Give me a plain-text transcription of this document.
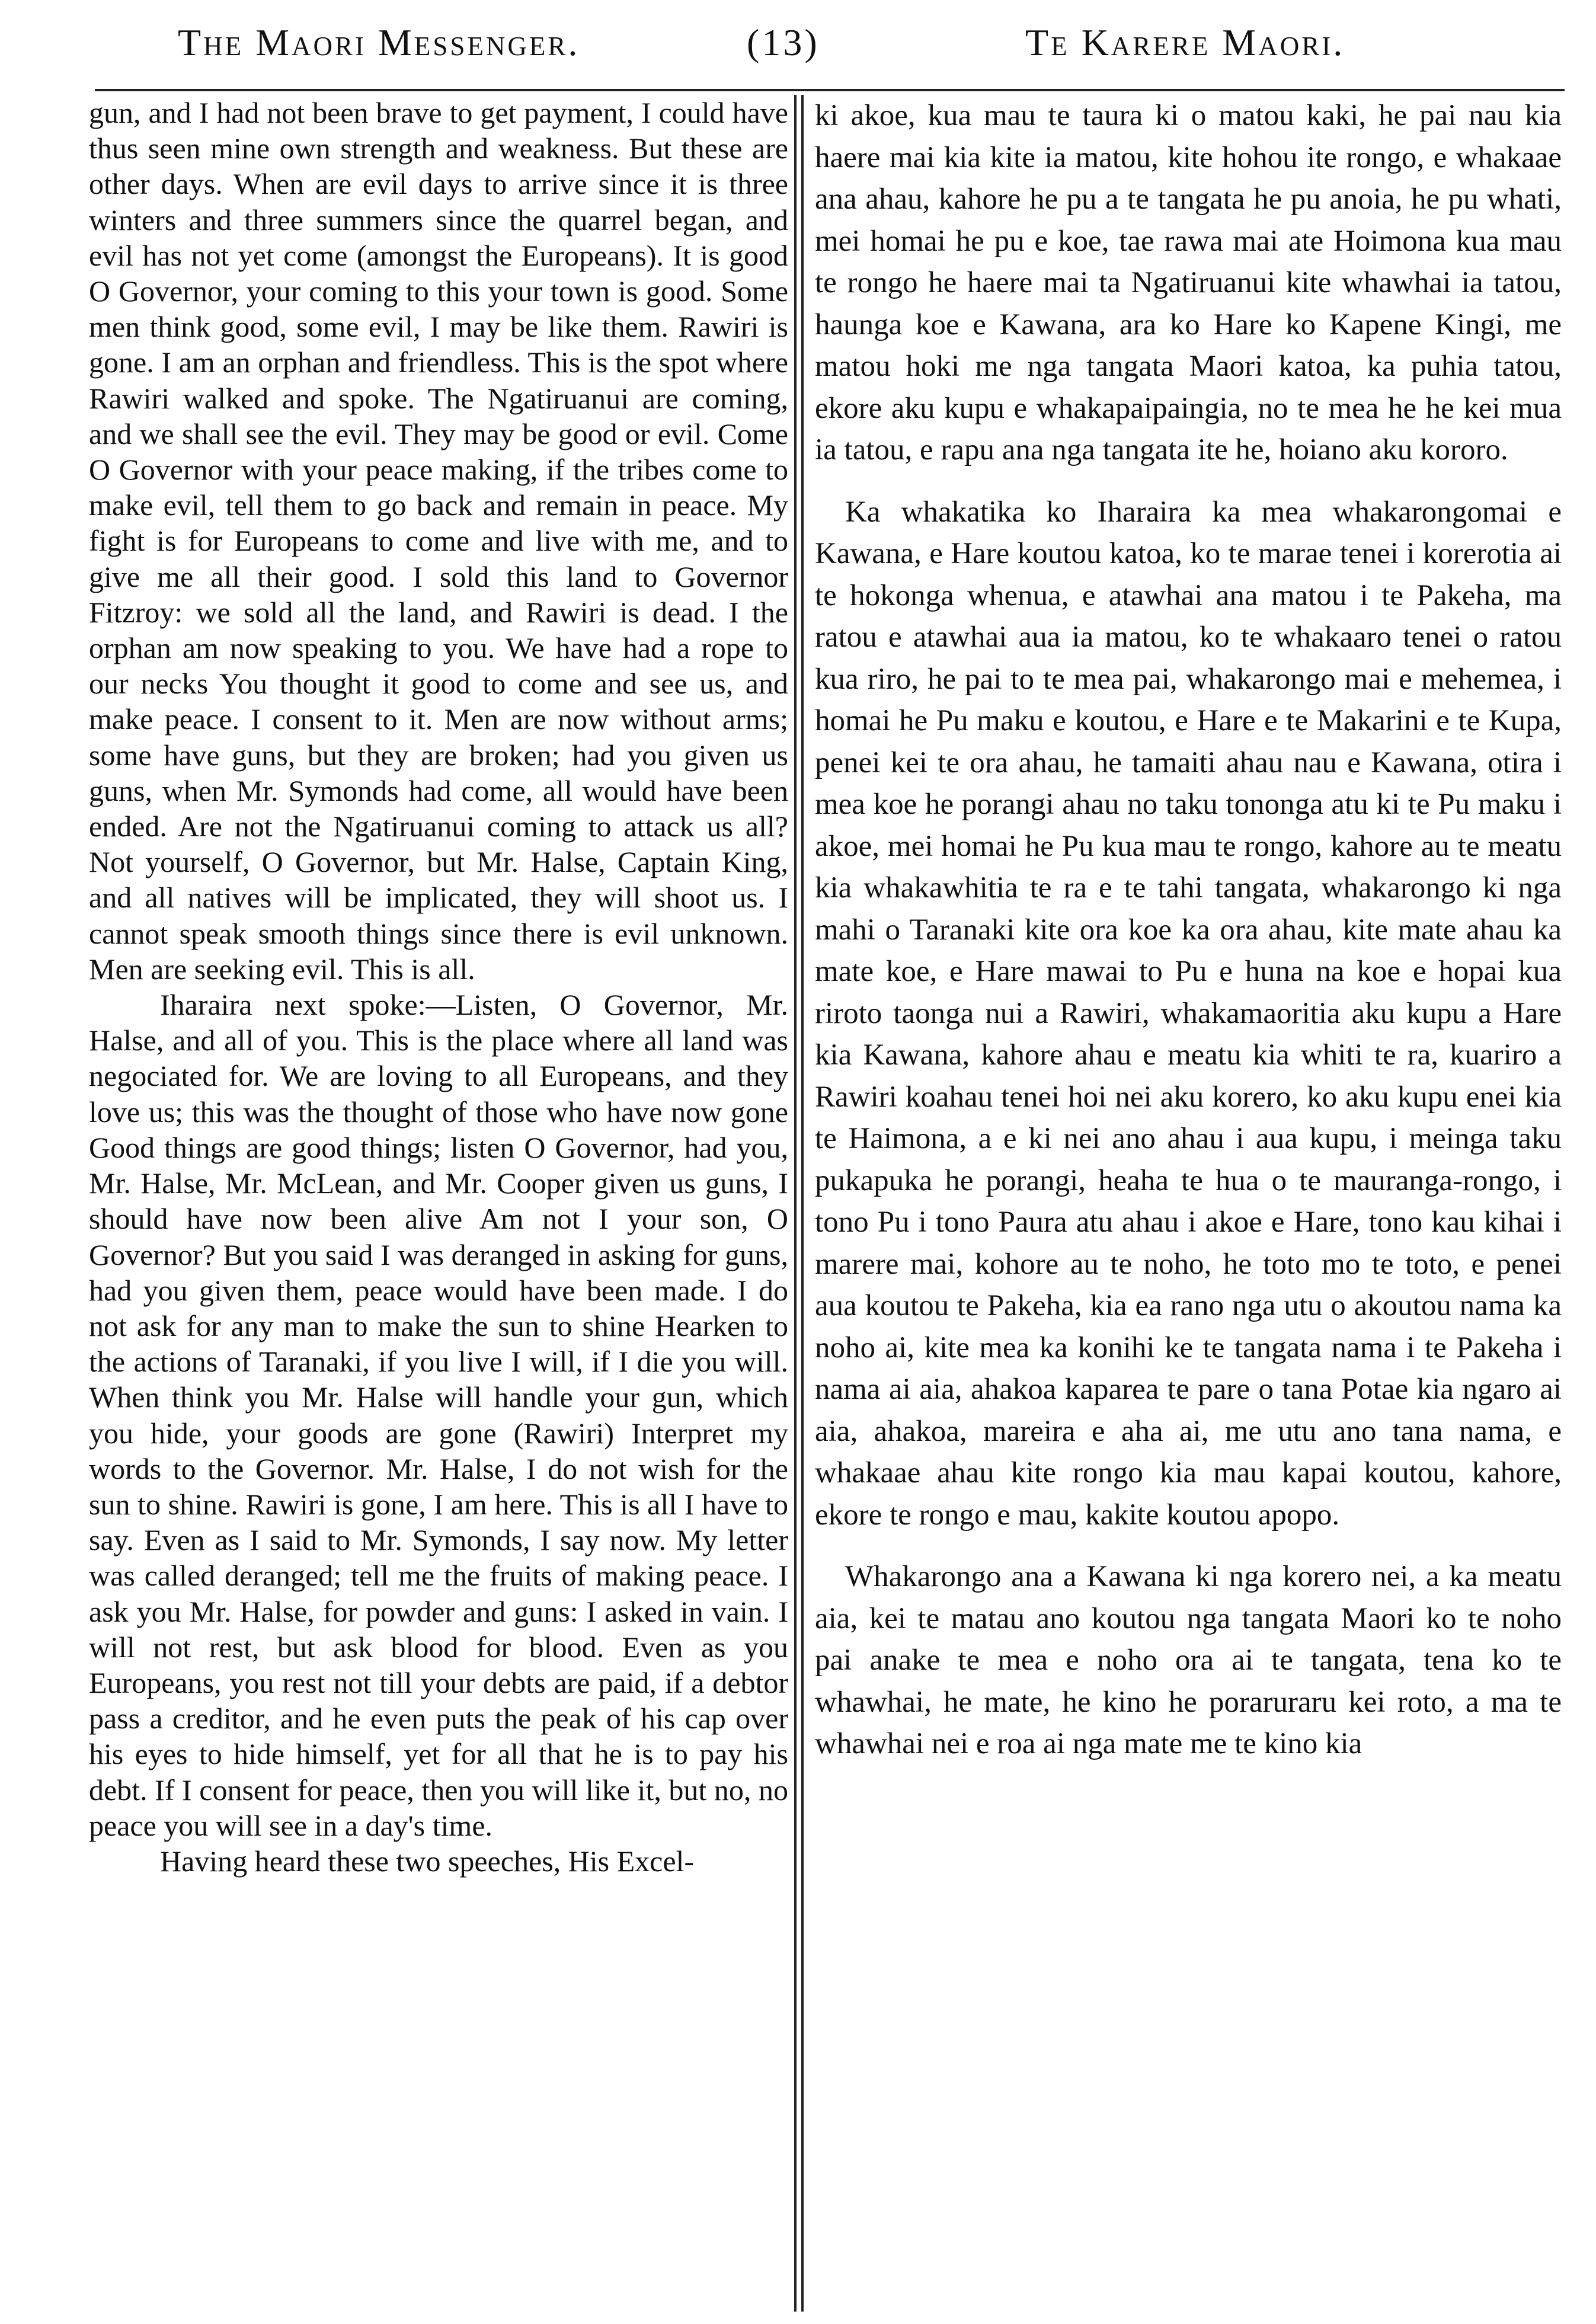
The Maori Messenger.	(13)	Te Karere Maori.

gun, and I had not been brave to get payment, I could have thus seen mine own strength and weakness. But these are other days. When are evil days to arrive since it is three winters and three summers since the quarrel began, and evil has not yet come (amongst the Europeans). It is good O Governor, your coming to this your town is good. Some men think good, some evil, I may be like them. Rawiri is gone. I am an orphan and friendless. This is the spot where Rawiri walked and spoke. The Ngatiruanui are coming, and we shall see the evil. They may be good or evil. Come O Governor with your peace making, if the tribes come to make evil, tell them to go back and remain in peace. My fight is for Europeans to come and live with me, and to give me all their good. I sold this land to Governor Fitzroy: we sold all the land, and Rawiri is dead. I the orphan am now speaking to you. We have had a rope to our necks You thought it good to come and see us, and make peace. I consent to it. Men are now without arms; some have guns, but they are broken; had you given us guns, when Mr. Symonds had come, all would have been ended. Are not the Ngatiruanui coming to attack us all? Not yourself, O Governor, but Mr. Halse, Captain King, and all natives will be implicated, they will shoot us. I cannot speak smooth things since there is evil unknown. Men are seeking evil. This is all.

Iharaira next spoke:—Listen, O Governor, Mr. Halse, and all of you. This is the place where all land was negociated for. We are loving to all Europeans, and they love us; this was the thought of those who have now gone Good things are good things; listen O Governor, had you, Mr. Halse, Mr. McLean, and Mr. Cooper given us guns, I should have now been alive Am not I your son, O Governor? But you said I was deranged in asking for guns, had you given them, peace would have been made. I do not ask for any man to make the sun to shine Hearken to the actions of Taranaki, if you live I will, if I die you will. When think you Mr. Halse will handle your gun, which you hide, your goods are gone (Rawiri) Interpret my words to the Governor. Mr. Halse, I do not wish for the sun to shine. Rawiri is gone, I am here. This is all I have to say. Even as I said to Mr. Symonds, I say now. My letter was called deranged; tell me the fruits of making peace. I ask you Mr. Halse, for powder and guns: I asked in vain. I will not rest, but ask blood for blood. Even as you Europeans, you rest not till your debts are paid, if a debtor pass a creditor, and he even puts the peak of his cap over his eyes to hide himself, yet for all that he is to pay his debt. If I consent for peace, then you will like it, but no, no peace you will see in a day's time.

Having heard these two speeches, His Excel-

ki akoe, kua mau te taura ki o matou kaki, he pai nau kia haere mai kia kite ia matou, kite hohou ite rongo, e whakaae ana ahau, kahore he pu a te tangata he pu anoia, he pu whati, mei homai he pu e koe, tae rawa mai ate Hoimona kua mau te rongo he haere mai ta Ngatiruanui kite whawhai ia tatou, haunga koe e Kawana, ara ko Hare ko Kapene Kingi, me matou hoki me nga tangata Maori katoa, ka puhia tatou, ekore aku kupu e whakapaipaingia, no te mea he he kei mua ia tatou, e rapu ana nga tangata ite he, hoiano aku kororo.

Ka whakatika ko Iharaira ka mea whakarongomai e Kawana, e Hare koutou katoa, ko te marae tenei i korerotia ai te hokonga whenua, e atawhai ana matou i te Pakeha, ma ratou e atawhai aua ia matou, ko te whakaaro tenei o ratou kua riro, he pai to te mea pai, whakarongo mai e mehemea, i homai he Pu maku e koutou, e Hare e te Makarini e te Kupa, penei kei te ora ahau, he tamaiti ahau nau e Kawana, otira i mea koe he porangi ahau no taku tononga atu ki te Pu maku i akoe, mei homai he Pu kua mau te rongo, kahore au te meatu kia whakawhitia te ra e te tahi tangata, whakarongo ki nga mahi o Taranaki kite ora koe ka ora ahau, kite mate ahau ka mate koe, e Hare mawai to Pu e huna na koe e hopai kua riroto taonga nui a Rawiri, whakamaoritia aku kupu a Hare kia Kawana, kahore ahau e meatu kia whiti te ra, kuariro a Rawiri koahau tenei hoi nei aku korero, ko aku kupu enei kia te Haimona, a e ki nei ano ahau i aua kupu, i meinga taku pukapuka he porangi, heaha te hua o te mauranga-rongo, i tono Pu i tono Paura atu ahau i akoe e Hare, tono kau kihai i marere mai, kohore au te noho, he toto mo te toto, e penei aua koutou te Pakeha, kia ea rano nga utu o akoutou nama ka noho ai, kite mea ka konihi ke te tangata nama i te Pakeha i nama ai aia, ahakoa kaparea te pare o tana Potae kia ngaro ai aia, ahakoa, mareira e aha ai, me utu ano tana nama, e whakaae ahau kite rongo kia mau kapai koutou, kahore, ekore te rongo e mau, kakite koutou apopo.

Whakarongo ana a Kawana ki nga korero nei, a ka meatu aia, kei te matau ano koutou nga tangata Maori ko te noho pai anake te mea e noho ora ai te tangata, tena ko te whawhai, he mate, he kino he poraruraru kei roto, a ma te whawhai nei e roa ai nga mate me te kino kia
